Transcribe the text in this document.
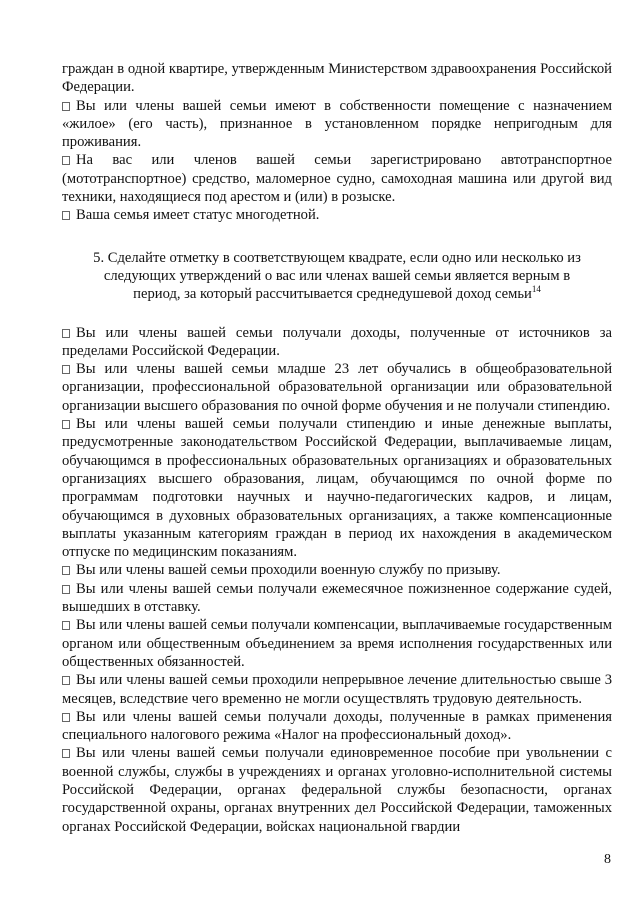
граждан в одной квартире, утвержденным Министерством здравоохранения Российской Федерации.

Вы или члены вашей семьи имеют в собственности помещение с назначением «жилое» (его часть), признанное в установленном порядке непригодным для проживания.

На вас или членов вашей семьи зарегистрировано автотранспортное (мототранспортное) средство, маломерное судно, самоходная машина или другой вид техники, находящиеся под арестом и (или) в розыске.

Ваша семья имеет статус многодетной.

5. Сделайте отметку в соответствующем квадрате, если одно или несколько из следующих утверждений о вас или членах вашей семьи является верным в период, за который рассчитывается среднедушевой доход семьи$^{14}$

Вы или члены вашей семьи получали доходы, полученные от источников за пределами Российской Федерации.

Вы или члены вашей семьи младше 23 лет обучались в общеобразовательной организации, профессиональной образовательной организации или образовательной организации высшего образования по очной форме обучения и не получали стипендию.

Вы или члены вашей семьи получали стипендию и иные денежные выплаты, предусмотренные законодательством Российской Федерации, выплачиваемые лицам, обучающимся в профессиональных образовательных организациях и образовательных организациях высшего образования, лицам, обучающимся по очной форме по программам подготовки научных и научно-педагогических кадров, и лицам, обучающимся в духовных образовательных организациях, а также компенсационные выплаты указанным категориям граждан в период их нахождения в академическом отпуске по медицинским показаниям.

Вы или члены вашей семьи проходили военную службу по призыву.

Вы или члены вашей семьи получали ежемесячное пожизненное содержание судей, вышедших в отставку.

Вы или члены вашей семьи получали компенсации, выплачиваемые государственным органом или общественным объединением за время исполнения государственных или общественных обязанностей.

Вы или члены вашей семьи проходили непрерывное лечение длительностью свыше 3 месяцев, вследствие чего временно не могли осуществлять трудовую деятельность.

Вы или члены вашей семьи получали доходы, полученные в рамках применения специального налогового режима «Налог на профессиональный доход».

Вы или члены вашей семьи получали единовременное пособие при увольнении с военной службы, службы в учреждениях и органах уголовно-исполнительной системы Российской Федерации, органах федеральной службы безопасности, органах государственной охраны, органах внутренних дел Российской Федерации, таможенных органах Российской Федерации, войсках национальной гвардии

8
